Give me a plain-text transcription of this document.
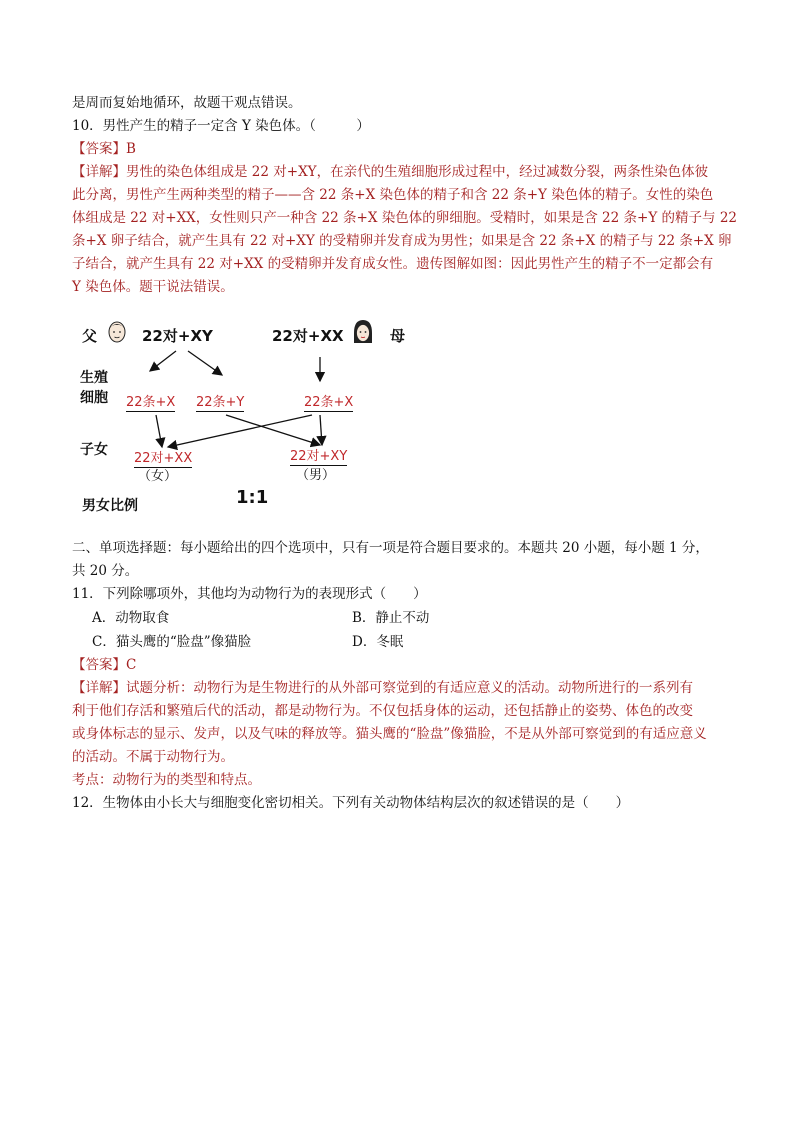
是周而复始地循环，故题干观点错误。
10．男性产生的精子一定含 Y 染色体。（　　　）
【答案】B
【详解】男性的染色体组成是 22 对+XY，在亲代的生殖细胞形成过程中，经过减数分裂，两条性染色体彼
此分离，男性产生两种类型的精子——含 22 条+X 染色体的精子和含 22 条+Y 染色体的精子。女性的染色
体组成是 22 对+XX，女性则只产一种含 22 条+X 染色体的卵细胞。受精时，如果是含 22 条+Y 的精子与 22
条+X 卵子结合，就产生具有 22 对+XY 的受精卵并发育成为男性；如果是含 22 条+X 的精子与 22 条+X 卵
子结合，就产生具有 22 对+XX 的受精卵并发育成女性。遗传图解如图：因此男性产生的精子不一定都会有
Y 染色体。题干说法错误。
父	22对+XY	22对+XX	母
生殖
细胞 22条+X 22条+Y	22条+X
子女
22对+XX
（女）
22对+XY
（男）
1:1
男女比例
二、单项选择题：每小题给出的四个选项中，只有一项是符合题目要求的。本题共 20 小题，每小题 1 分，
共 20 分。
11．下列除哪项外，其他均为动物行为的表现形式（　　）
A．动物取食	B．静止不动
C．猫头鹰的“脸盘”像猫脸	D．冬眠
【答案】C
【详解】试题分析：动物行为是生物进行的从外部可察觉到的有适应意义的活动。动物所进行的一系列有
利于他们存活和繁殖后代的活动，都是动物行为。不仅包括身体的运动，还包括静止的姿势、体色的改变
或身体标志的显示、发声，以及气味的释放等。猫头鹰的“脸盘”像猫脸，不是从外部可察觉到的有适应意义
的活动。不属于动物行为。
考点：动物行为的类型和特点。
12．生物体由小长大与细胞变化密切相关。下列有关动物体结构层次的叙述错误的是（　　）
